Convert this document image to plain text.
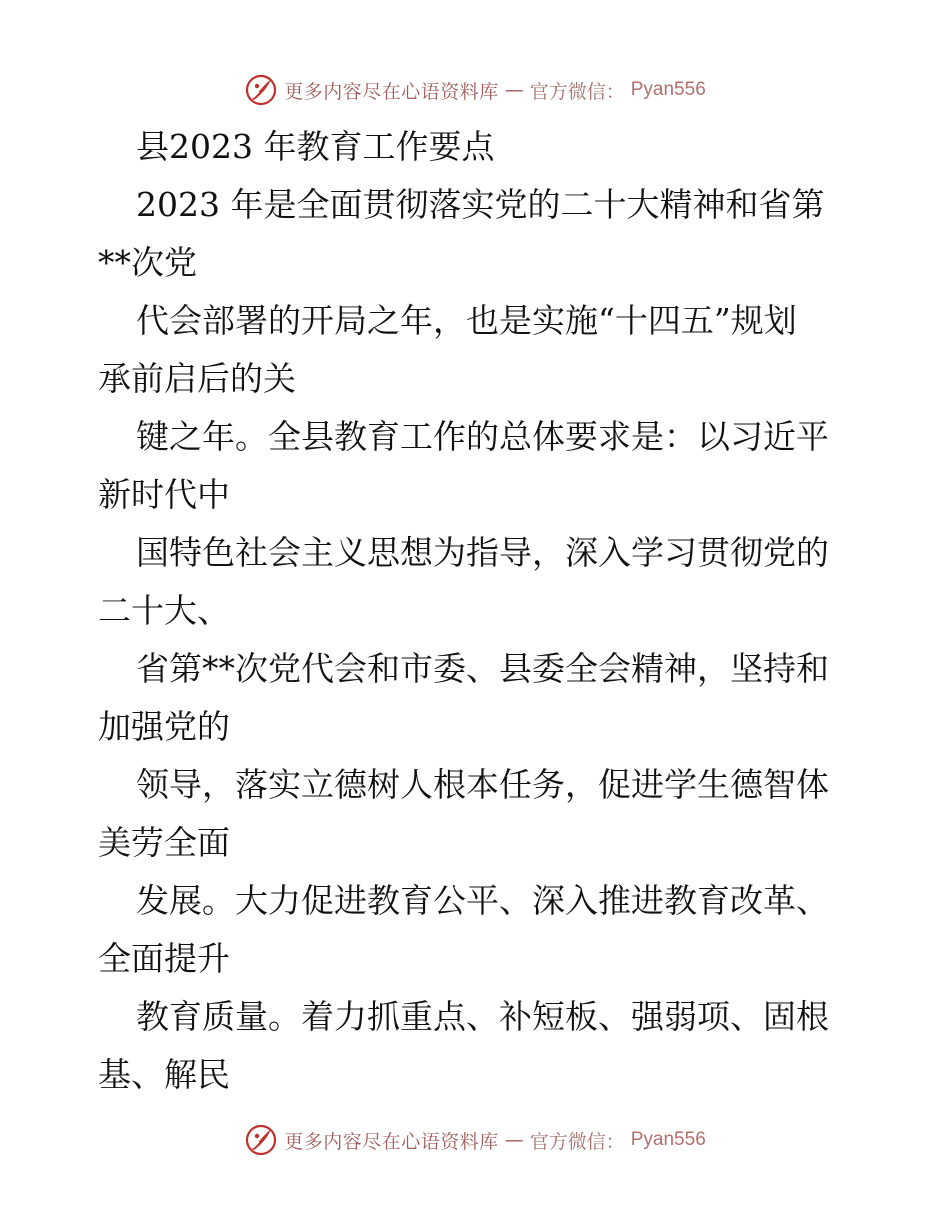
更多内容尽在心语资料库 — 官方微信： Pyan556
县2023 年教育工作要点
2023 年是全面贯彻落实党的二十大精神和省第
**次党
代会部署的开局之年，也是实施“十四五”规划
承前启后的关
键之年。全县教育工作的总体要求是：以习近平
新时代中
国特色社会主义思想为指导，深入学习贯彻党的
二十大、
省第**次党代会和市委、县委全会精神，坚持和
加强党的
领导，落实立德树人根本任务，促进学生德智体
美劳全面
发展。大力促进教育公平、深入推进教育改革、
全面提升
教育质量。着力抓重点、补短板、强弱项、固根
基、解民
更多内容尽在心语资料库 — 官方微信： Pyan556
